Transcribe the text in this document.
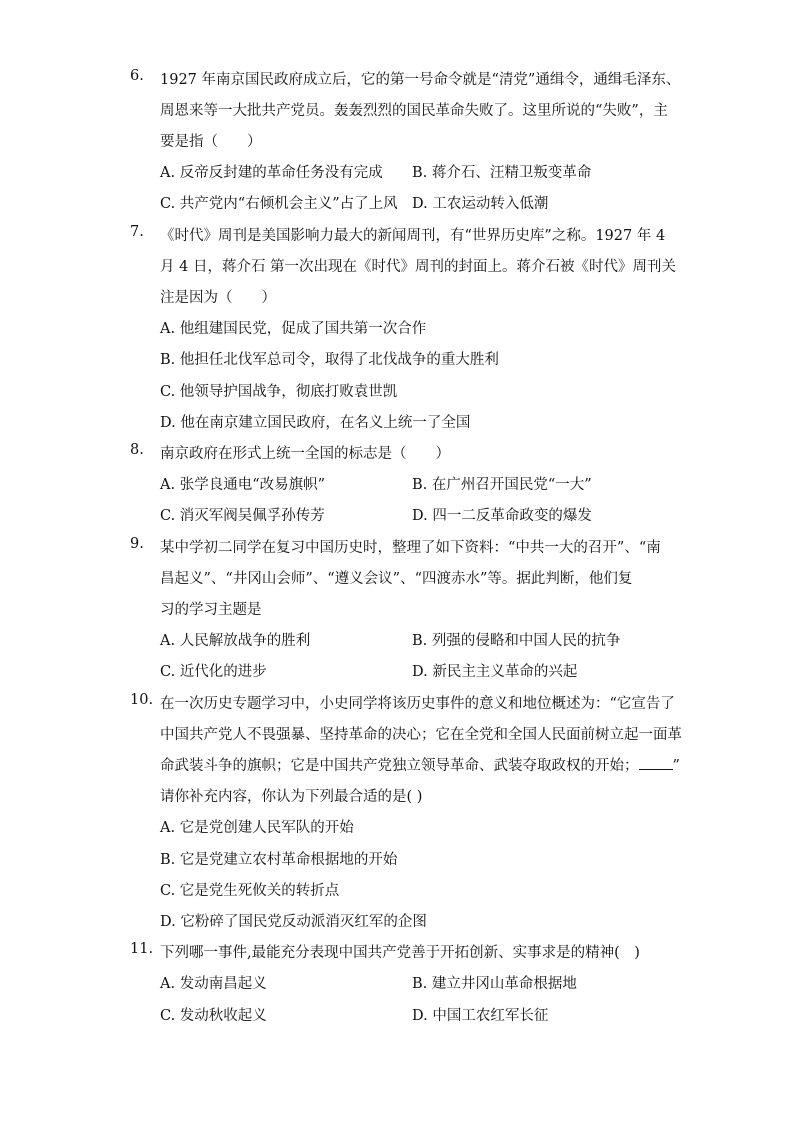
6.	1927 年南京国民政府成立后，它的第一号命令就是“清党”通缉令，通缉毛泽东、
周恩来等一大批共产党员。轰轰烈烈的国民革命失败了。这里所说的“失败”，主
要是指（　　）
A. 反帝反封建的革命任务没有完成 B. 蒋介石、汪精卫叛变革命
C. 共产党内“右倾机会主义”占了上风 D. 工农运动转入低潮
7.	《时代》周刊是美国影响力最大的新闻周刊，有“世界历史库”之称。1927 年 4
月 4 日，蒋介石 第一次出现在《时代》周刊的封面上。蒋介石被《时代》周刊关
注是因为（　　）
A. 他组建国民党，促成了国共第一次合作
B. 他担任北伐军总司令，取得了北伐战争的重大胜利
C. 他领导护国战争，彻底打败袁世凯
D. 他在南京建立国民政府，在名义上统一了全国
8.	南京政府在形式上统一全国的标志是（　　）
A. 张学良通电“改易旗帜”	B. 在广州召开国民党“一大”
C. 消灭军阀吴佩孚孙传芳	D. 四一二反革命政变的爆发
9.	某中学初二同学在复习中国历史时，整理了如下资料：“中共一大的召开”、“南
昌起义”、“井冈山会师”、“遵义会议”、“四渡赤水”等。据此判断，他们复
习的学习主题是
A. 人民解放战争的胜利	B. 列强的侵略和中国人民的抗争
C. 近代化的进步	D. 新民主主义革命的兴起
10. 在一次历史专题学习中，小史同学将该历史事件的意义和地位概述为：“它宣告了
中国共产党人不畏强暴、坚持革命的决心；它在全党和全国人民面前树立起一面革
命武装斗争的旗帜；它是中国共产党独立领导革命、武装夺取政权的开始； ”
请你补充内容，你认为下列最合适的是( )
A. 它是党创建人民军队的开始
B. 它是党建立农村革命根据地的开始
C. 它是党生死攸关的转折点
D. 它粉碎了国民党反动派消灭红军的企图
11. 下列哪一事件,最能充分表现中国共产党善于开拓创新、实事求是的精神(　)
A. 发动南昌起义	B. 建立井冈山革命根据地
C. 发动秋收起义	D. 中国工农红军长征
